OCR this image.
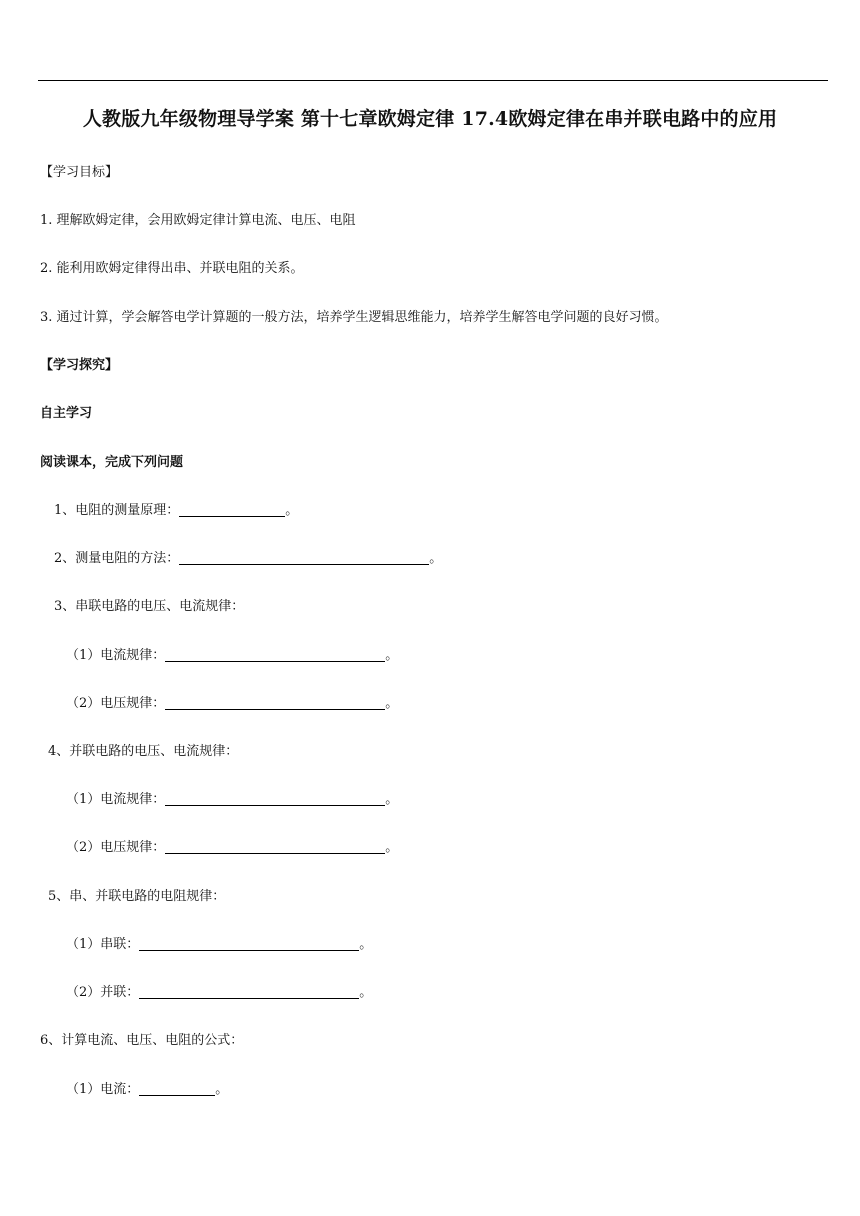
人教版九年级物理导学案 第十七章欧姆定律 17.4欧姆定律在串并联电路中的应用
【学习目标】
1. 理解欧姆定律，会用欧姆定律计算电流、电压、电阻
2. 能利用欧姆定律得出串、并联电阻的关系。
3. 通过计算，学会解答电学计算题的一般方法，培养学生逻辑思维能力，培养学生解答电学问题的良好习惯。
【学习探究】
自主学习
阅读课本，完成下列问题
1、电阻的测量原理：	。
2、测量电阻的方法：	。
3、串联电路的电压、电流规律：
（1）电流规律：	。
（2）电压规律：	。
4、并联电路的电压、电流规律：
（1）电流规律：	。
（2）电压规律：	。
5、串、并联电路的电阻规律：
（1）串联：	。
（2）并联：	。
6、计算电流、电压、电阻的公式：
（1）电流：	。
